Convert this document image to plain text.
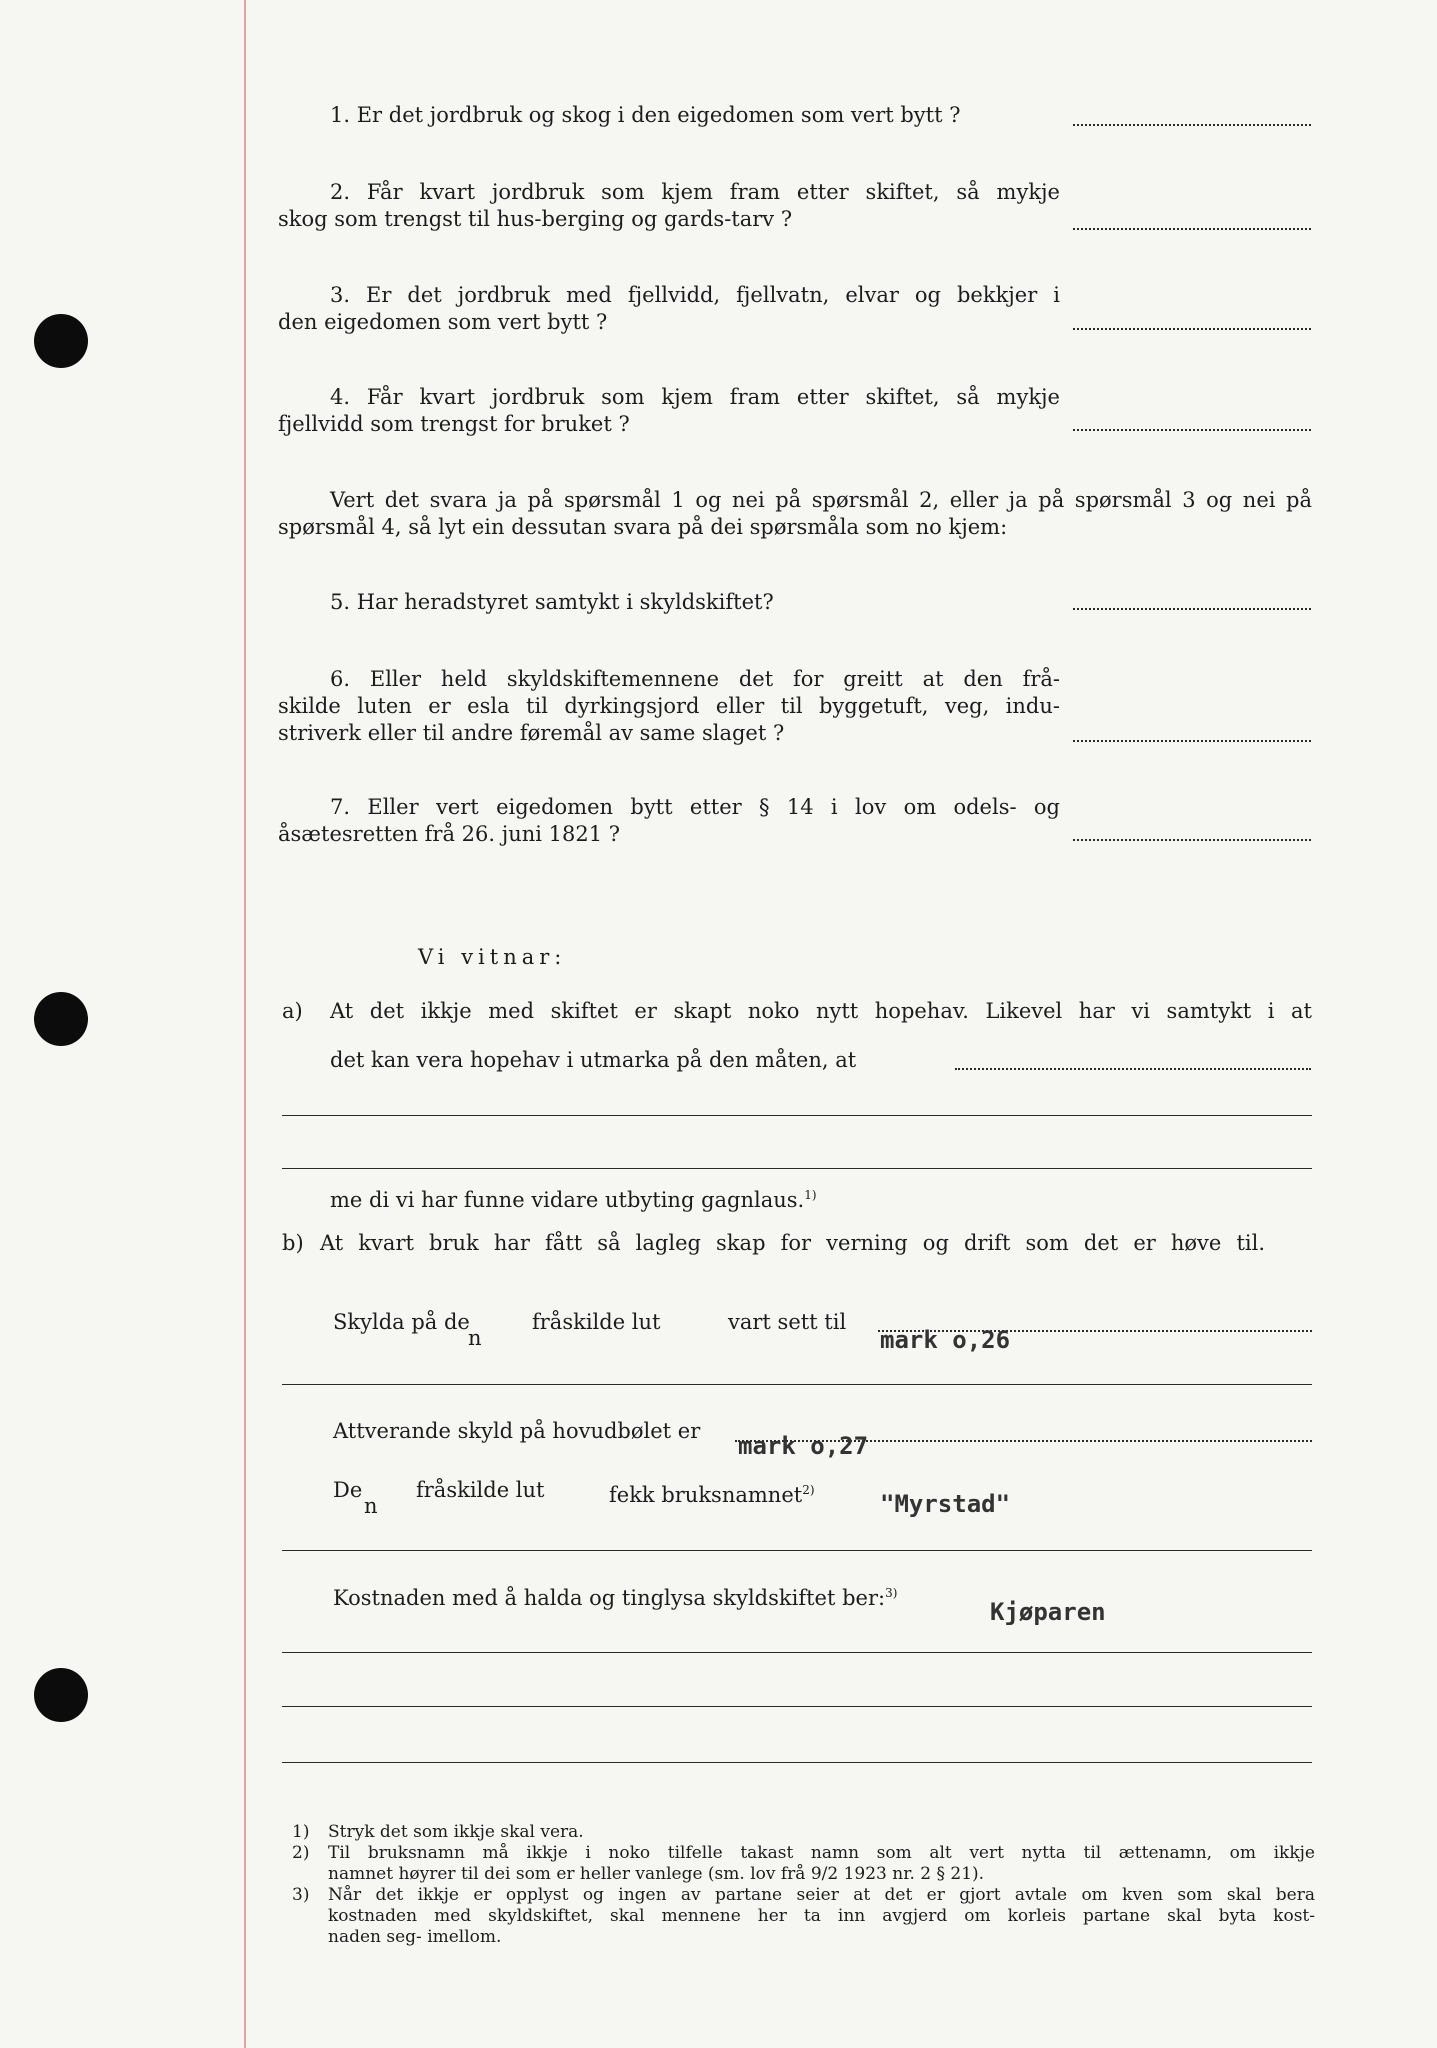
1. Er det jordbruk og skog i den eigedomen som vert bytt ?
2. Får kvart jordbruk som kjem fram etter skiftet, så mykje
skog som trengst til hus-berging og gards-tarv ?
3. Er det jordbruk med fjellvidd, fjellvatn, elvar og bekkjer i
den eigedomen som vert bytt ?
4. Får kvart jordbruk som kjem fram etter skiftet, så mykje
fjellvidd som trengst for bruket ?
Vert det svara ja på spørsmål 1 og nei på spørsmål 2, eller ja på spørsmål 3 og nei på
spørsmål 4, så lyt ein dessutan svara på dei spørsmåla som no kjem:
5. Har heradstyret samtykt i skyldskiftet?
6. Eller held skyldskiftemennene det for greitt at den frå-
skilde luten er esla til dyrkingsjord eller til byggetuft, veg, indu-
striverk eller til andre føremål av same slaget ?
7. Eller vert eigedomen bytt etter § 14 i lov om odels- og
åsætesretten frå 26. juni 1821 ?
Vi vitnar:
a) At det ikkje med skiftet er skapt noko nytt hopehav. Likevel har vi samtykt i at
det kan vera hopehav i utmarka på den måten, at
me di vi har funne vidare utbyting gagnlaus.$^{1)}$
b) At kvart bruk har fått så lagleg skap for verning og drift som det er høve til.
Skylda på de
n
fråskilde lut	vart sett til
mark o,26
Attverande skyld på hovudbølet er
mark o,27
De
n
fråskilde lut	fekk bruksnamnet$^{2)}$	"Myrstad"
Kostnaden med å halda og tinglysa skyldskiftet ber:$^{3)}$
Kjøparen
1) Stryk det som ikkje skal vera.
2) Til bruksnamn må ikkje i noko tilfelle takast namn som alt vert nytta til ættenamn, om ikkje
namnet høyrer til dei som er heller vanlege (sm. lov frå 9/2 1923 nr. 2 § 21).
3) Når det ikkje er opplyst og ingen av partane seier at det er gjort avtale om kven som skal bera
kostnaden med skyldskiftet, skal mennene her ta inn avgjerd om korleis partane skal byta kost-
naden seg- imellom.
